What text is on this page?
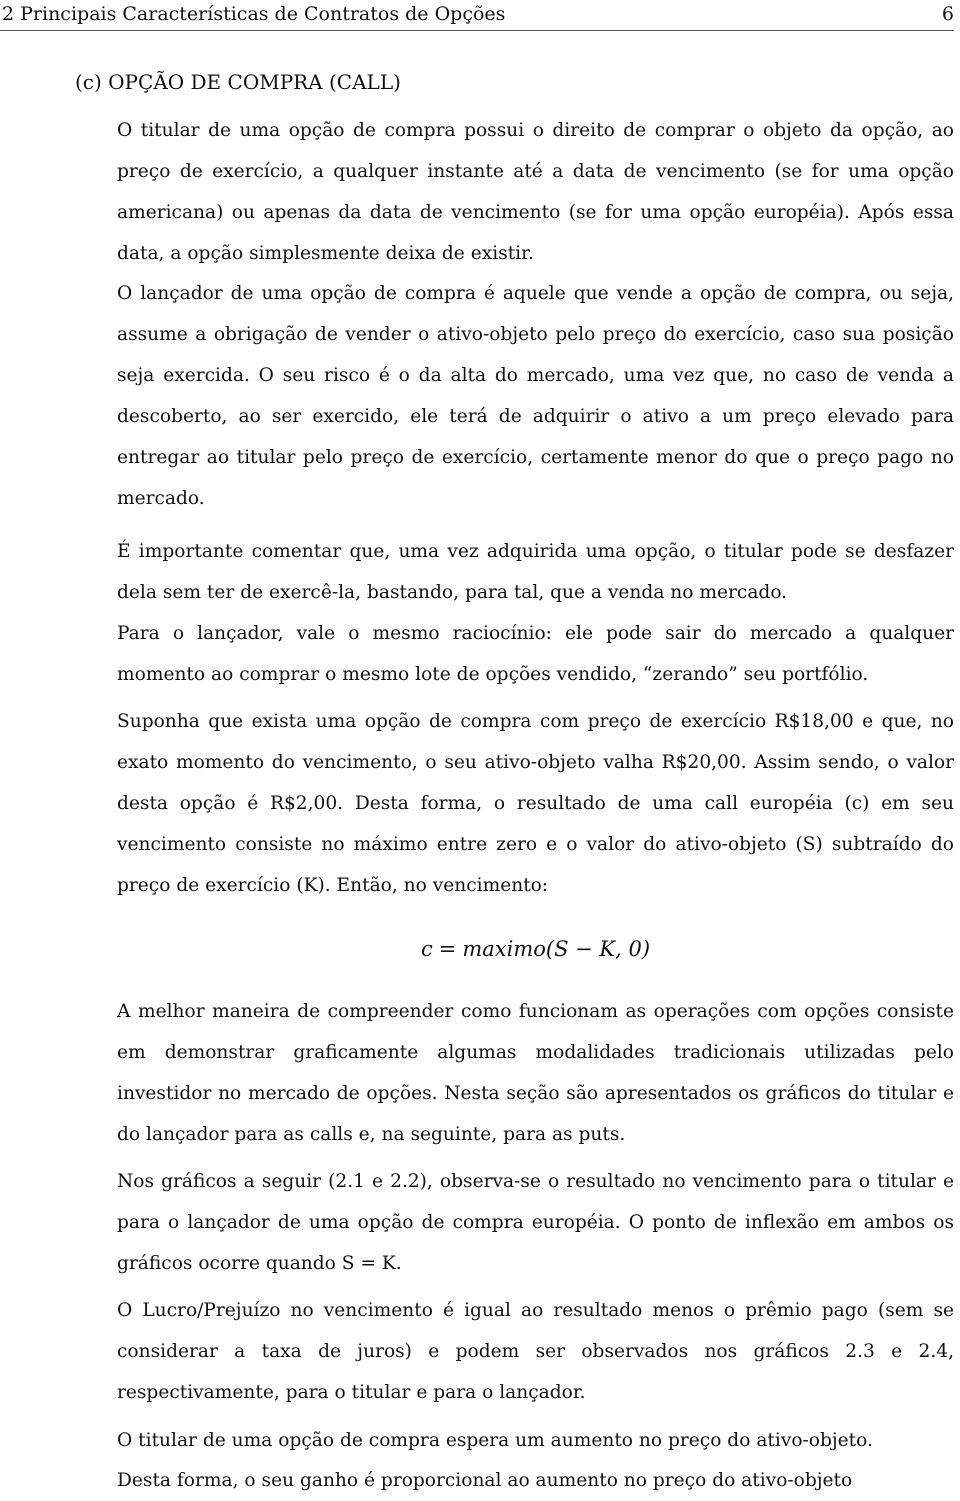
2 Principais Características de Contratos de Opções	6
(c) OPÇÃO DE COMPRA (CALL)

O titular de uma opção de compra possui o direito de comprar o objeto da opção, ao preço de exercício, a qualquer instante até a data de vencimento (se for uma opção americana) ou apenas da data de vencimento (se for uma opção européia). Após essa data, a opção simplesmente deixa de existir.

O lançador de uma opção de compra é aquele que vende a opção de compra, ou seja, assume a obrigação de vender o ativo-objeto pelo preço do exercício, caso sua posição seja exercida. O seu risco é o da alta do mercado, uma vez que, no caso de venda a descoberto, ao ser exercido, ele terá de adquirir o ativo a um preço elevado para entregar ao titular pelo preço de exercício, certamente menor do que o preço pago no mercado.

É importante comentar que, uma vez adquirida uma opção, o titular pode se desfazer dela sem ter de exercê-la, bastando, para tal, que a venda no mercado.

Para o lançador, vale o mesmo raciocínio: ele pode sair do mercado a qualquer momento ao comprar o mesmo lote de opções vendido, “zerando” seu portfólio.

Suponha que exista uma opção de compra com preço de exercício R$18,00 e que, no exato momento do vencimento, o seu ativo-objeto valha R$20,00. Assim sendo, o valor desta opção é R$2,00. Desta forma, o resultado de uma call européia (c) em seu vencimento consiste no máximo entre zero e o valor do ativo-objeto (S) subtraído do preço de exercício (K). Então, no vencimento:

c = maximo(S − K, 0)

A melhor maneira de compreender como funcionam as operações com opções consiste em demonstrar graficamente algumas modalidades tradicionais utilizadas pelo investidor no mercado de opções. Nesta seção são apresentados os gráficos do titular e do lançador para as calls e, na seguinte, para as puts.

Nos gráficos a seguir (2.1 e 2.2), observa-se o resultado no vencimento para o titular e para o lançador de uma opção de compra européia. O ponto de inflexão em ambos os gráficos ocorre quando S = K.

O Lucro/Prejuízo no vencimento é igual ao resultado menos o prêmio pago (sem se considerar a taxa de juros) e podem ser observados nos gráficos 2.3 e 2.4, respectivamente, para o titular e para o lançador.

O titular de uma opção de compra espera um aumento no preço do ativo-objeto.

Desta forma, o seu ganho é proporcional ao aumento no preço do ativo-objeto
